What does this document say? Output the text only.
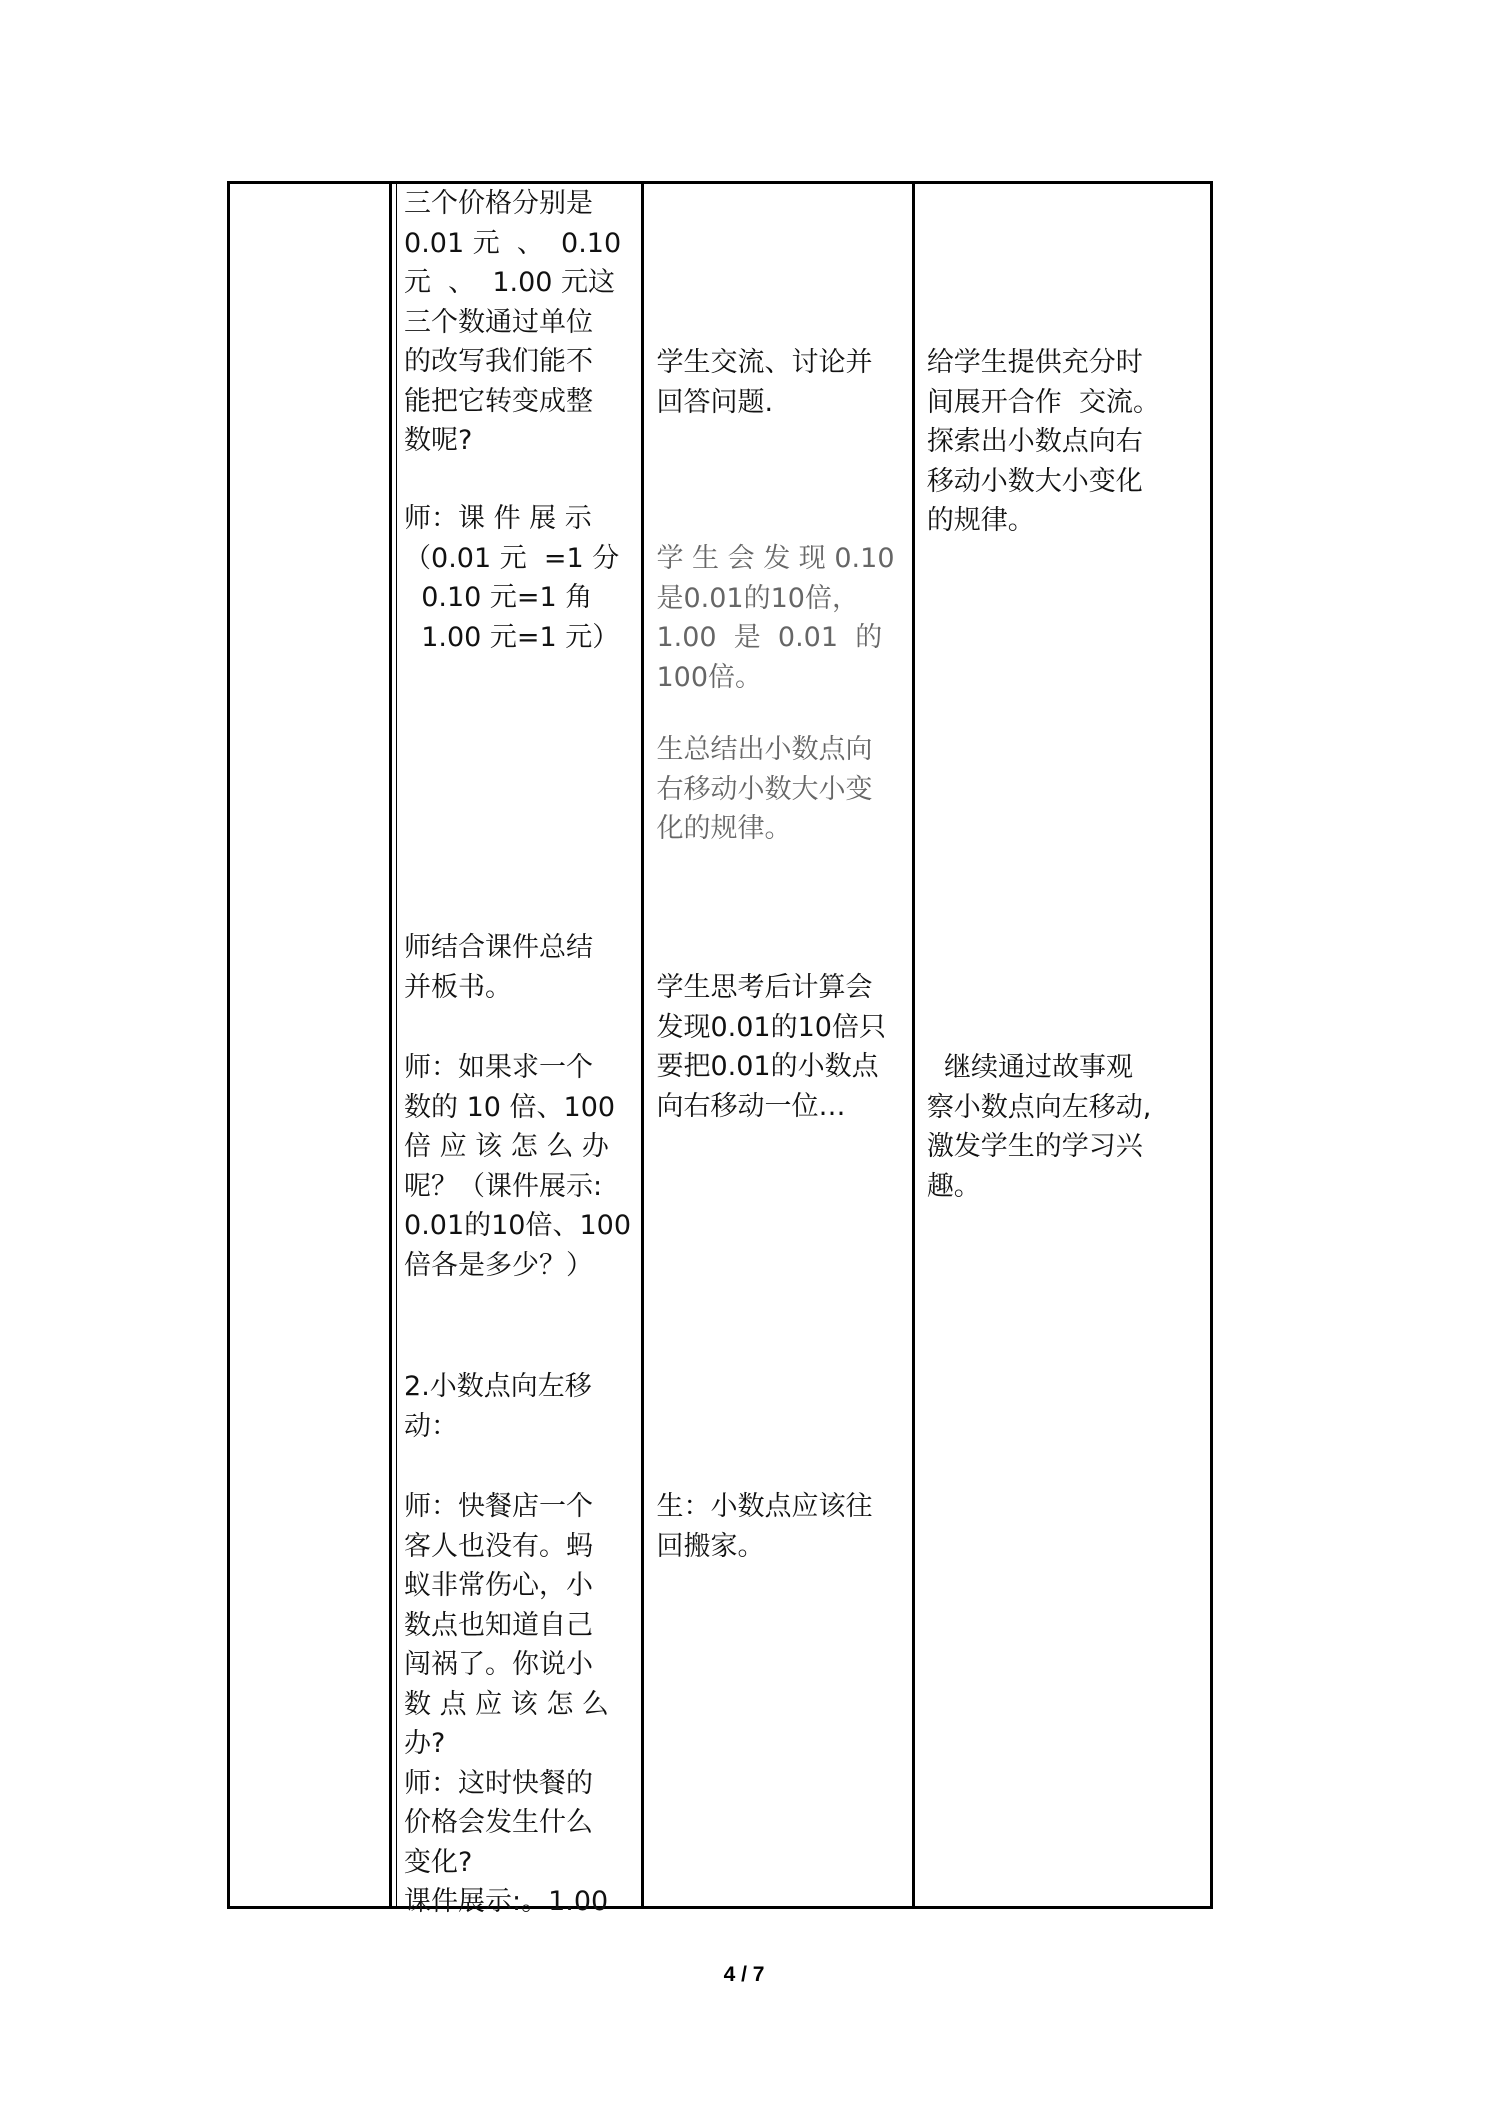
三个价格分别是
0.01 元  、  0.10
元  、  1.00 元这
三个数通过单位
的改写我们能不
能把它转变成整
数呢?
师：课 件 展 示
（0.01 元  =1 分
0.10 元=1 角
1.00 元=1 元）
师结合课件总结
并板书。
师：如果求一个
数的 10 倍、100
倍 应 该 怎 么 办
呢？（课件展示:
0.01的10倍、100
倍各是多少？）
2.小数点向左移
动：
师：快餐店一个
客人也没有。蚂
蚁非常伤心，小
数点也知道自己
闯祸了。你说小
数 点 应 该 怎 么
办?
师：这时快餐的
价格会发生什么
变化?
课件展示:。1.00
学生交流、讨论并
回答问题.
学 生 会 发 现 0.10
是0.01的10倍，
1.00  是  0.01  的
100倍。
生总结出小数点向
右移动小数大小变
化的规律。
学生思考后计算会
发现0.01的10倍只
要把0.01的小数点
向右移动一位…
生：小数点应该往
回搬家。
给学生提供充分时
间展开合作  交流。
探索出小数点向右
移动小数大小变化
的规律。
继续通过故事观
察小数点向左移动,
激发学生的学习兴
趣。
4 / 7
